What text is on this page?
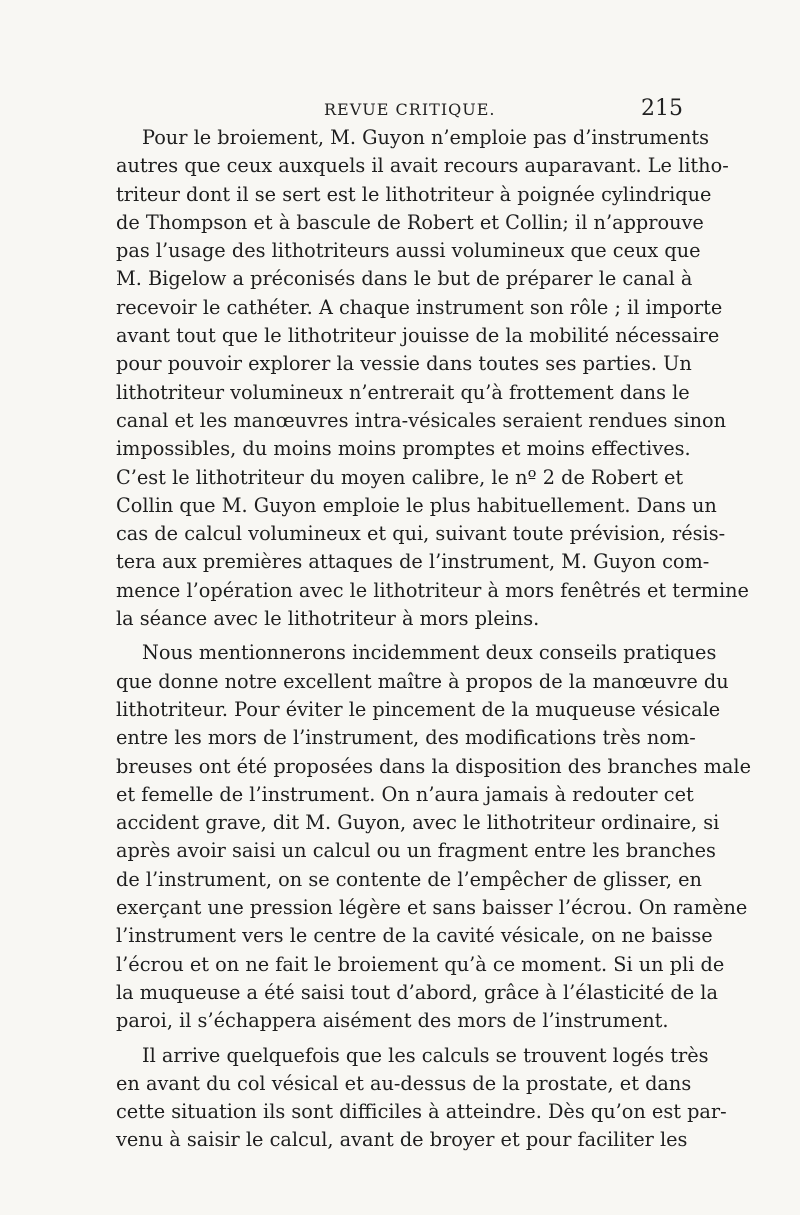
REVUE CRITIQUE.	215
Pour le broiement, M. Guyon n’emploie pas d’instruments
autres que ceux auxquels il avait recours auparavant. Le litho-
triteur dont il se sert est le lithotriteur à poignée cylindrique
de Thompson et à bascule de Robert et Collin; il n’approuve
pas l’usage des lithotriteurs aussi volumineux que ceux que
M. Bigelow a préconisés dans le but de préparer le canal à
recevoir le cathéter. A chaque instrument son rôle ; il importe
avant tout que le lithotriteur jouisse de la mobilité nécessaire
pour pouvoir explorer la vessie dans toutes ses parties. Un
lithotriteur volumineux n’entrerait qu’à frottement dans le
canal et les manœuvres intra-vésicales seraient rendues sinon
impossibles, du moins moins promptes et moins effectives.
C’est le lithotriteur du moyen calibre, le nº 2 de Robert et
Collin que M. Guyon emploie le plus habituellement. Dans un
cas de calcul volumineux et qui, suivant toute prévision, résis-
tera aux premières attaques de l’instrument, M. Guyon com-
mence l’opération avec le lithotriteur à mors fenêtrés et termine
la séance avec le lithotriteur à mors pleins.
Nous mentionnerons incidemment deux conseils pratiques
que donne notre excellent maître à propos de la manœuvre du
lithotriteur. Pour éviter le pincement de la muqueuse vésicale
entre les mors de l’instrument, des modifications très nom-
breuses ont été proposées dans la disposition des branches male
et femelle de l’instrument. On n’aura jamais à redouter cet
accident grave, dit M. Guyon, avec le lithotriteur ordinaire, si
après avoir saisi un calcul ou un fragment entre les branches
de l’instrument, on se contente de l’empêcher de glisser, en
exerçant une pression légère et sans baisser l’écrou. On ramène
l’instrument vers le centre de la cavité vésicale, on ne baisse
l’écrou et on ne fait le broiement qu’à ce moment. Si un pli de
la muqueuse a été saisi tout d’abord, grâce à l’élasticité de la
paroi, il s’échappera aisément des mors de l’instrument.
Il arrive quelquefois que les calculs se trouvent logés très
en avant du col vésical et au-dessus de la prostate, et dans
cette situation ils sont difficiles à atteindre. Dès qu’on est par-
venu à saisir le calcul, avant de broyer et pour faciliter les
